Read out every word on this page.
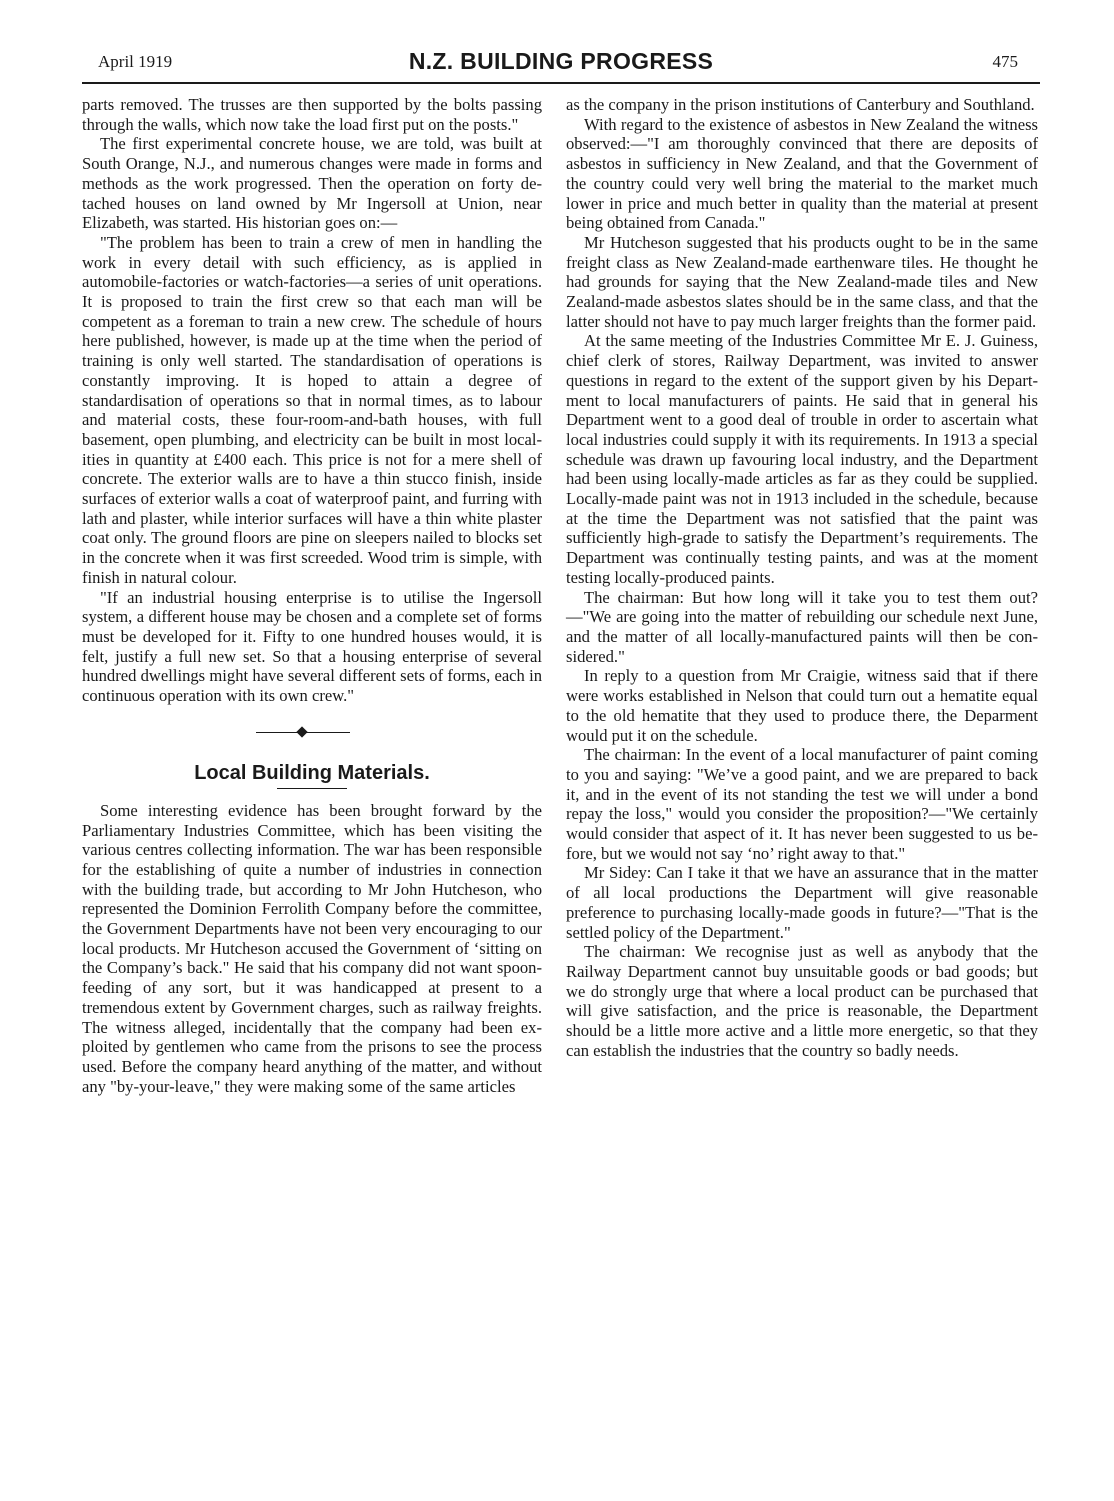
April 1919	N.Z. BUILDING PROGRESS	475

parts removed. The trusses are then supported by the bolts passing through the walls, which now take the load first put on the posts."

The first experimental concrete house, we are told, was built at South Orange, N.J., and numerous changes were made in forms and methods as the work progressed. Then the operation on forty detached houses on land owned by Mr Ingersoll at Union, near Elizabeth, was started. His historian goes on:—

"The problem has been to train a crew of men in handling the work in every detail with such efficiency, as is applied in automobile-factories or watch-factories—a series of unit operations. It is proposed to train the first crew so that each man will be competent as a foreman to train a new crew. The schedule of hours here published, however, is made up at the time when the period of training is only well started. The standardisation of operations is constantly improving. It is hoped to attain a degree of standardisation of operations so that in normal times, as to labour and material costs, these four-room-and-bath houses, with full basement, open plumbing, and electricity can be built in most localities in quantity at £400 each. This price is not for a mere shell of concrete. The exterior walls are to have a thin stucco finish, inside surfaces of exterior walls a coat of waterproof paint, and furring with lath and plaster, while interior surfaces will have a thin white plaster coat only. The ground floors are pine on sleepers nailed to blocks set in the concrete when it was first screeded. Wood trim is simple, with finish in natural colour.

"If an industrial housing enterprise is to utilise the Ingersoll system, a different house may be chosen and a complete set of forms must be developed for it. Fifty to one hundred houses would, it is felt, justify a full new set. So that a housing enterprise of several hundred dwellings might have several different sets of forms, each in continuous operation with its own crew."

Local Building Materials.

Some interesting evidence has been brought forward by the Parliamentary Industries Committee, which has been visiting the various centres collecting information. The war has been responsible for the establishing of quite a number of industries in connection with the building trade, but according to Mr John Hutcheson, who represented the Dominion Ferrolith Company before the committee, the Government Departments have not been very encouraging to our local products. Mr Hutcheson accused the Government of ‘sitting on the Company’s back." He said that his company did not want spoon-feeding of any sort, but it was handicapped at present to a tremendous extent by Government charges, such as railway freights. The witness alleged, incidentally that the company had been exploited by gentlemen who came from the prisons to see the process used. Before the company heard anything of the matter, and without any "by-your-leave," they were making some of the same articles

as the company in the prison institutions of Canterbury and Southland.

With regard to the existence of asbestos in New Zealand the witness observed:—"I am thoroughly convinced that there are deposits of asbestos in sufficiency in New Zealand, and that the Government of the country could very well bring the material to the market much lower in price and much better in quality than the material at present being obtained from Canada."

Mr Hutcheson suggested that his products ought to be in the same freight class as New Zealand-made earthenware tiles. He thought he had grounds for saying that the New Zealand-made tiles and New Zealand-made asbestos slates should be in the same class, and that the latter should not have to pay much larger freights than the former paid.

At the same meeting of the Industries Committee Mr E. J. Guiness, chief clerk of stores, Railway Department, was invited to answer questions in regard to the extent of the support given by his Department to local manufacturers of paints. He said that in general his Department went to a good deal of trouble in order to ascertain what local industries could supply it with its requirements. In 1913 a special schedule was drawn up favouring local industry, and the Department had been using locally-made articles as far as they could be supplied. Locally-made paint was not in 1913 included in the schedule, because at the time the Department was not satisfied that the paint was sufficiently high-grade to satisfy the Department’s requirements. The Department was continually testing paints, and was at the moment testing locally-produced paints.

The chairman: But how long will it take you to test them out?—"We are going into the matter of rebuilding our schedule next June, and the matter of all locally-manufactured paints will then be considered."

In reply to a question from Mr Craigie, witness said that if there were works established in Nelson that could turn out a hematite equal to the old hematite that they used to produce there, the Deparment would put it on the schedule.

The chairman: In the event of a local manufacturer of paint coming to you and saying: "We’ve a good paint, and we are prepared to back it, and in the event of its not standing the test we will under a bond repay the loss," would you consider the proposition?—"We certainly would consider that aspect of it. It has never been suggested to us before, but we would not say ‘no’ right away to that."

Mr Sidey: Can I take it that we have an assurance that in the matter of all local productions the Department will give reasonable preference to purchasing locally-made goods in future?—"That is the settled policy of the Department."

The chairman: We recognise just as well as anybody that the Railway Department cannot buy unsuitable goods or bad goods; but we do strongly urge that where a local product can be purchased that will give satisfaction, and the price is reasonable, the Department should be a little more active and a little more energetic, so that they can establish the industries that the country so badly needs.
